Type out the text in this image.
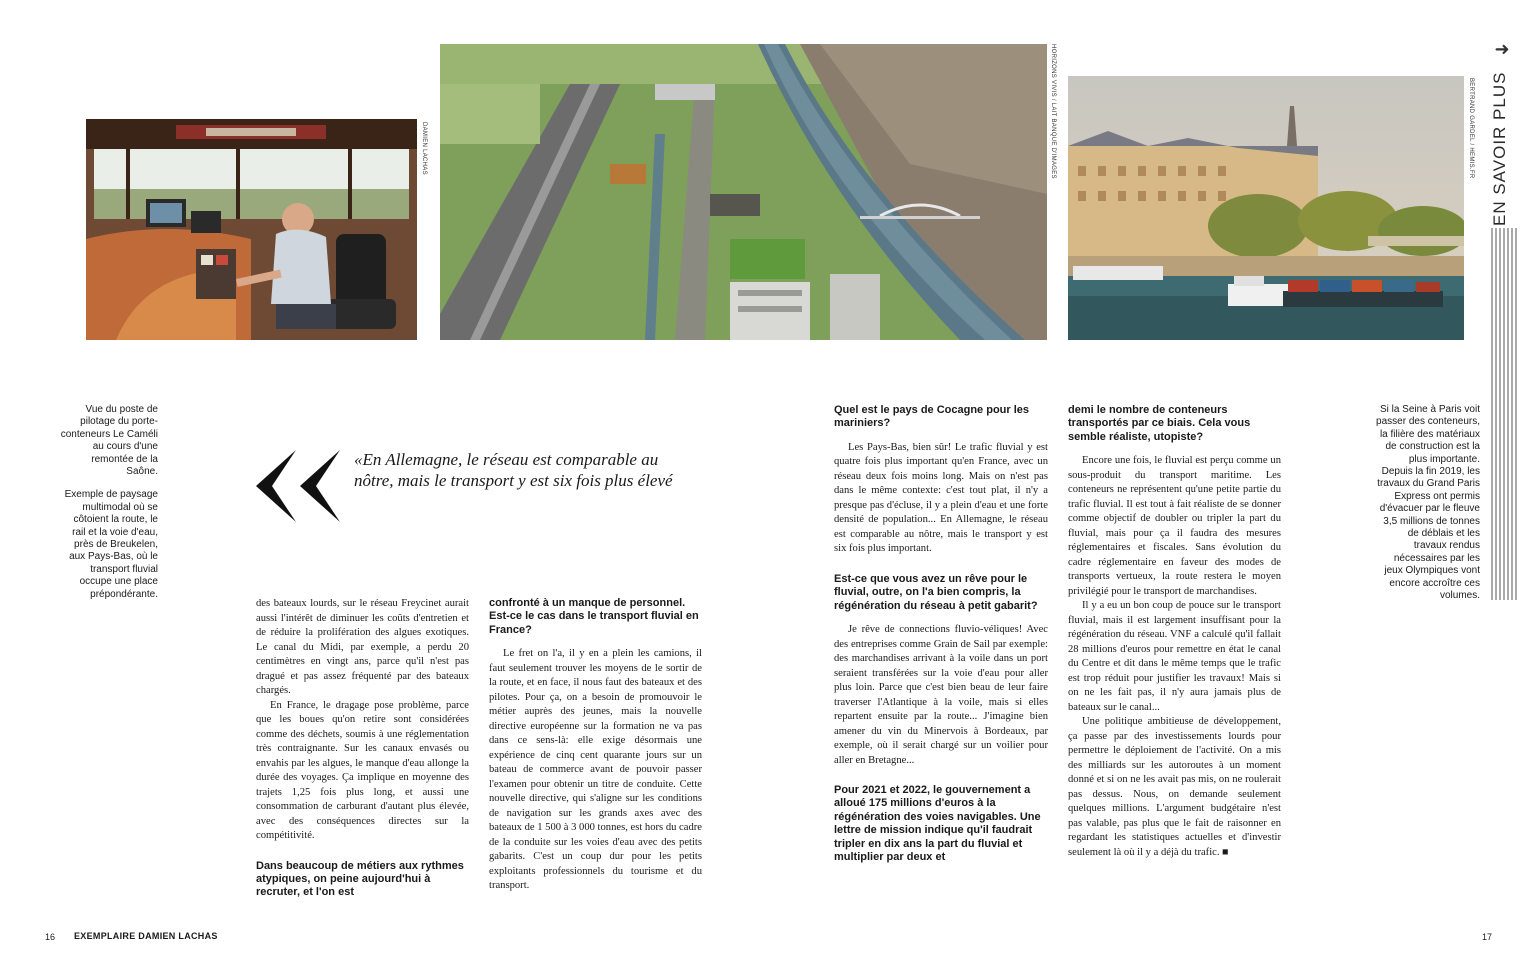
DAMIEN LACHAS	HORIZONS VIVIS / LAIT BANQUE D'IMAGES	BERTRAND GARDEL / HEMIS.FR

Vue du poste de pilotage du porte-conteneurs Le Caméli au cours d'une remontée de la Saône.

Exemple de paysage multimodal où se côtoient la route, le rail et la voie d'eau, près de Breukelen, aux Pays-Bas, où le transport fluvial occupe une place prépondérante.

«En Allemagne, le réseau est comparable au nôtre, mais le transport y est six fois plus élevé

des bateaux lourds, sur le réseau Freycinet aurait aussi l'intérêt de diminuer les coûts d'entretien et de réduire la prolifération des algues exotiques. Le canal du Midi, par exemple, a perdu 20 centimètres en vingt ans, parce qu'il n'est pas dragué et pas assez fréquenté par des bateaux chargés.

En France, le dragage pose problème, parce que les boues qu'on retire sont considérées comme des déchets, soumis à une réglementation très contraignante. Sur les canaux envasés ou envahis par les algues, le manque d'eau allonge la durée des voyages. Ça implique en moyenne des trajets 1,25 fois plus long, et aussi une consommation de carburant d'autant plus élevée, avec des conséquences directes sur la compétitivité.

Dans beaucoup de métiers aux rythmes atypiques, on peine aujourd'hui à recruter, et l'on est
confronté à un manque de personnel. Est-ce le cas dans le transport fluvial en France?

Le fret on l'a, il y en a plein les camions, il faut seulement trouver les moyens de le sortir de la route, et en face, il nous faut des bateaux et des pilotes. Pour ça, on a besoin de promouvoir le métier auprès des jeunes, mais la nouvelle directive européenne sur la formation ne va pas dans ce sens-là: elle exige désormais une expérience de cinq cent quarante jours sur un bateau de commerce avant de pouvoir passer l'examen pour obtenir un titre de conduite. Cette nouvelle directive, qui s'aligne sur les conditions de navigation sur les grands axes avec des bateaux de 1 500 à 3 000 tonnes, est hors du cadre de la conduite sur les voies d'eau avec des petits gabarits. C'est un coup dur pour les petits exploitants professionnels du tourisme et du transport.

Quel est le pays de Cocagne pour les mariniers?

Les Pays-Bas, bien sûr! Le trafic fluvial y est quatre fois plus important qu'en France, avec un réseau deux fois moins long. Mais on n'est pas dans le même contexte: c'est tout plat, il n'y a presque pas d'écluse, il y a plein d'eau et une forte densité de population... En Allemagne, le réseau est comparable au nôtre, mais le transport y est six fois plus important.

Est-ce que vous avez un rêve pour le fluvial, outre, on l'a bien compris, la régénération du réseau à petit gabarit?

Je rêve de connections fluvio-véliques! Avec des entreprises comme Grain de Sail par exemple: des marchandises arrivant à la voile dans un port seraient transférées sur la voie d'eau pour aller plus loin. Parce que c'est bien beau de leur faire traverser l'Atlantique à la voile, mais si elles repartent ensuite par la route... J'imagine bien amener du vin du Minervois à Bordeaux, par exemple, où il serait chargé sur un voilier pour aller en Bretagne...

Pour 2021 et 2022, le gouvernement a alloué 175 millions d'euros à la régénération des voies navigables. Une lettre de mission indique qu'il faudrait tripler en dix ans la part du fluvial et multiplier par deux et
demi le nombre de conteneurs transportés par ce biais. Cela vous semble réaliste, utopiste?

Encore une fois, le fluvial est perçu comme un sous-produit du transport maritime. Les conteneurs ne représentent qu'une petite partie du trafic fluvial. Il est tout à fait réaliste de se donner comme objectif de doubler ou tripler la part du fluvial, mais pour ça il faudra des mesures réglementaires et fiscales. Sans évolution du cadre réglementaire en faveur des modes de transports vertueux, la route restera le moyen privilégié pour le transport de marchandises.

Il y a eu un bon coup de pouce sur le transport fluvial, mais il est largement insuffisant pour la régénération du réseau. VNF a calculé qu'il fallait 28 millions d'euros pour remettre en état le canal du Centre et dit dans le même temps que le trafic est trop réduit pour justifier les travaux! Mais si on ne les fait pas, il n'y aura jamais plus de bateaux sur le canal...

Une politique ambitieuse de développement, ça passe par des investissements lourds pour permettre le déploiement de l'activité. On a mis des milliards sur les autoroutes à un moment donné et si on ne les avait pas mis, on ne roulerait pas dessus. Nous, on demande seulement quelques millions. L'argument budgétaire n'est pas valable, pas plus que le fait de raisonner en regardant les statistiques actuelles et d'investir seulement là où il y a déjà du trafic. ■

Si la Seine à Paris voit passer des conteneurs, la filière des matériaux de construction est la plus importante. Depuis la fin 2019, les travaux du Grand Paris Express ont permis d'évacuer par le fleuve 3,5 millions de tonnes de déblais et les travaux rendus nécessaires par les jeux Olympiques vont encore accroître ces volumes.
➜
EN SAVOIR PLUS
16 EXEMPLAIRE DAMIEN LACHAS	17
